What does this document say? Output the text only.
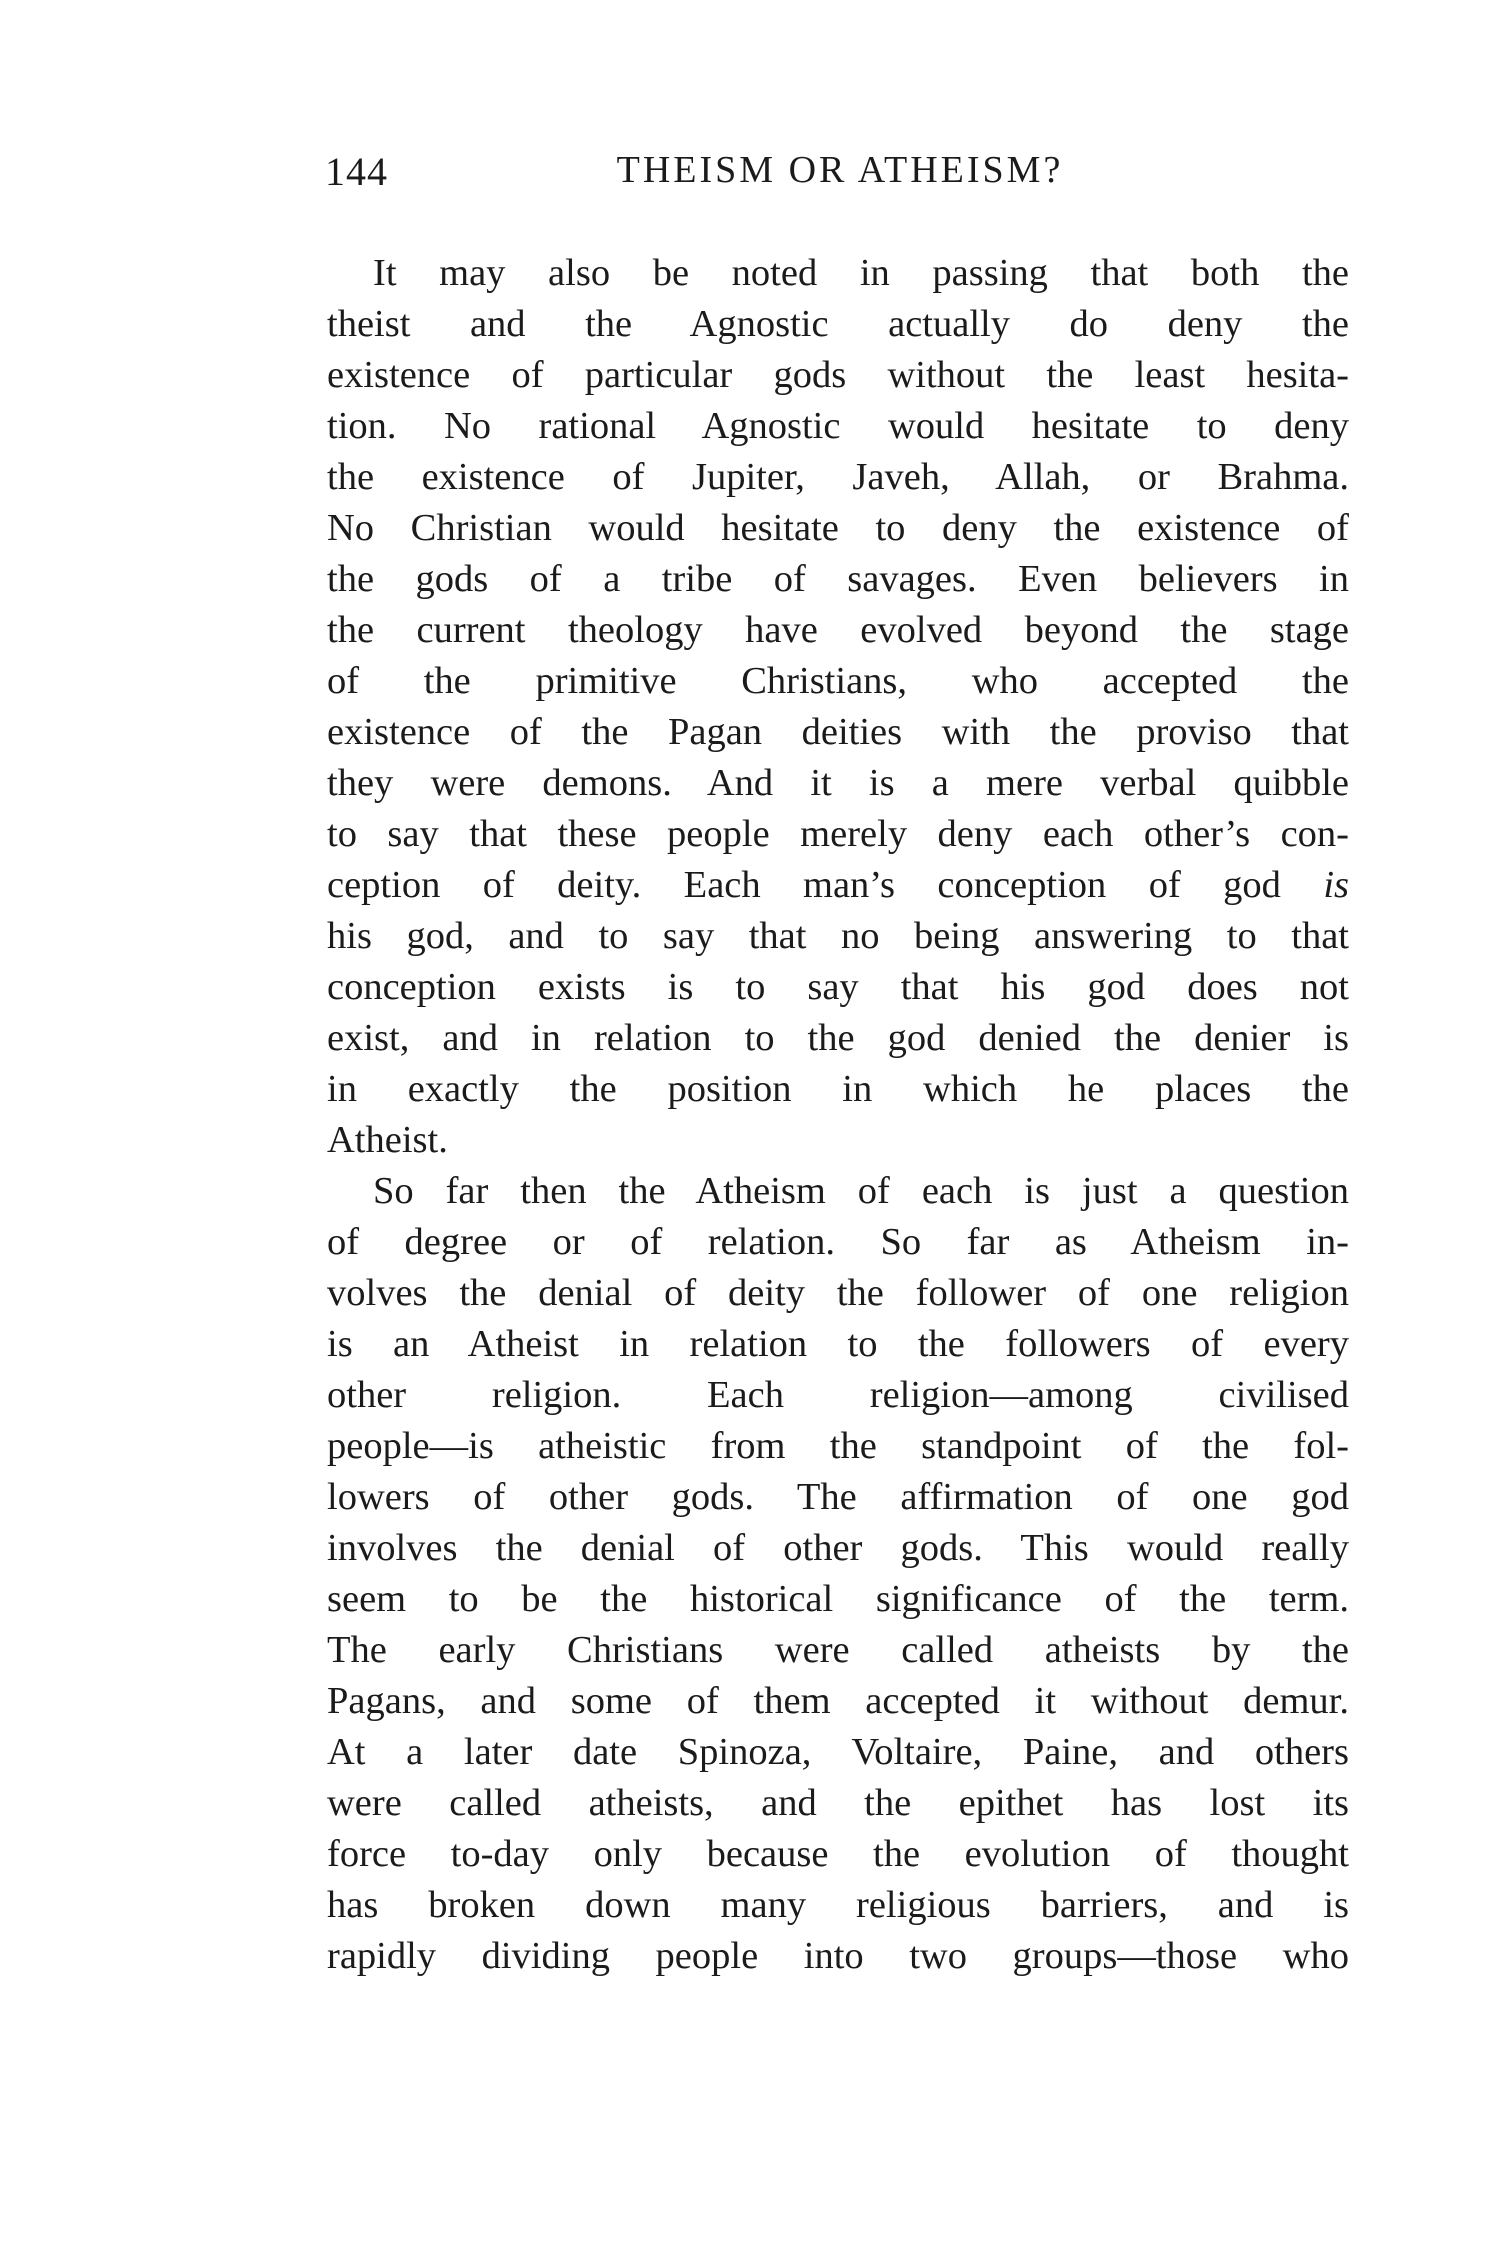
144	THEISM OR ATHEISM?
It may also be noted in passing that both the
theist and the Agnostic actually do deny the
existence of particular gods without the least hesita-
tion. No rational Agnostic would hesitate to deny
the existence of Jupiter, Javeh, Allah, or Brahma.
No Christian would hesitate to deny the existence of
the gods of a tribe of savages. Even believers in
the current theology have evolved beyond the stage
of the primitive Christians, who accepted the
existence of the Pagan deities with the proviso that
they were demons. And it is a mere verbal quibble
to say that these people merely deny each other’s con-
ception of deity. Each man’s conception of god is
his god, and to say that no being answering to that
conception exists is to say that his god does not
exist, and in relation to the god denied the denier is
in exactly the position in which he places the
Atheist.
So far then the Atheism of each is just a question
of degree or of relation. So far as Atheism in-
volves the denial of deity the follower of one religion
is an Atheist in relation to the followers of every
other religion. Each religion—among civilised
people—is atheistic from the standpoint of the fol-
lowers of other gods. The affirmation of one god
involves the denial of other gods. This would really
seem to be the historical significance of the term.
The early Christians were called atheists by the
Pagans, and some of them accepted it without demur.
At a later date Spinoza, Voltaire, Paine, and others
were called atheists, and the epithet has lost its
force to-day only because the evolution of thought
has broken down many religious barriers, and is
rapidly dividing people into two groups—those who
